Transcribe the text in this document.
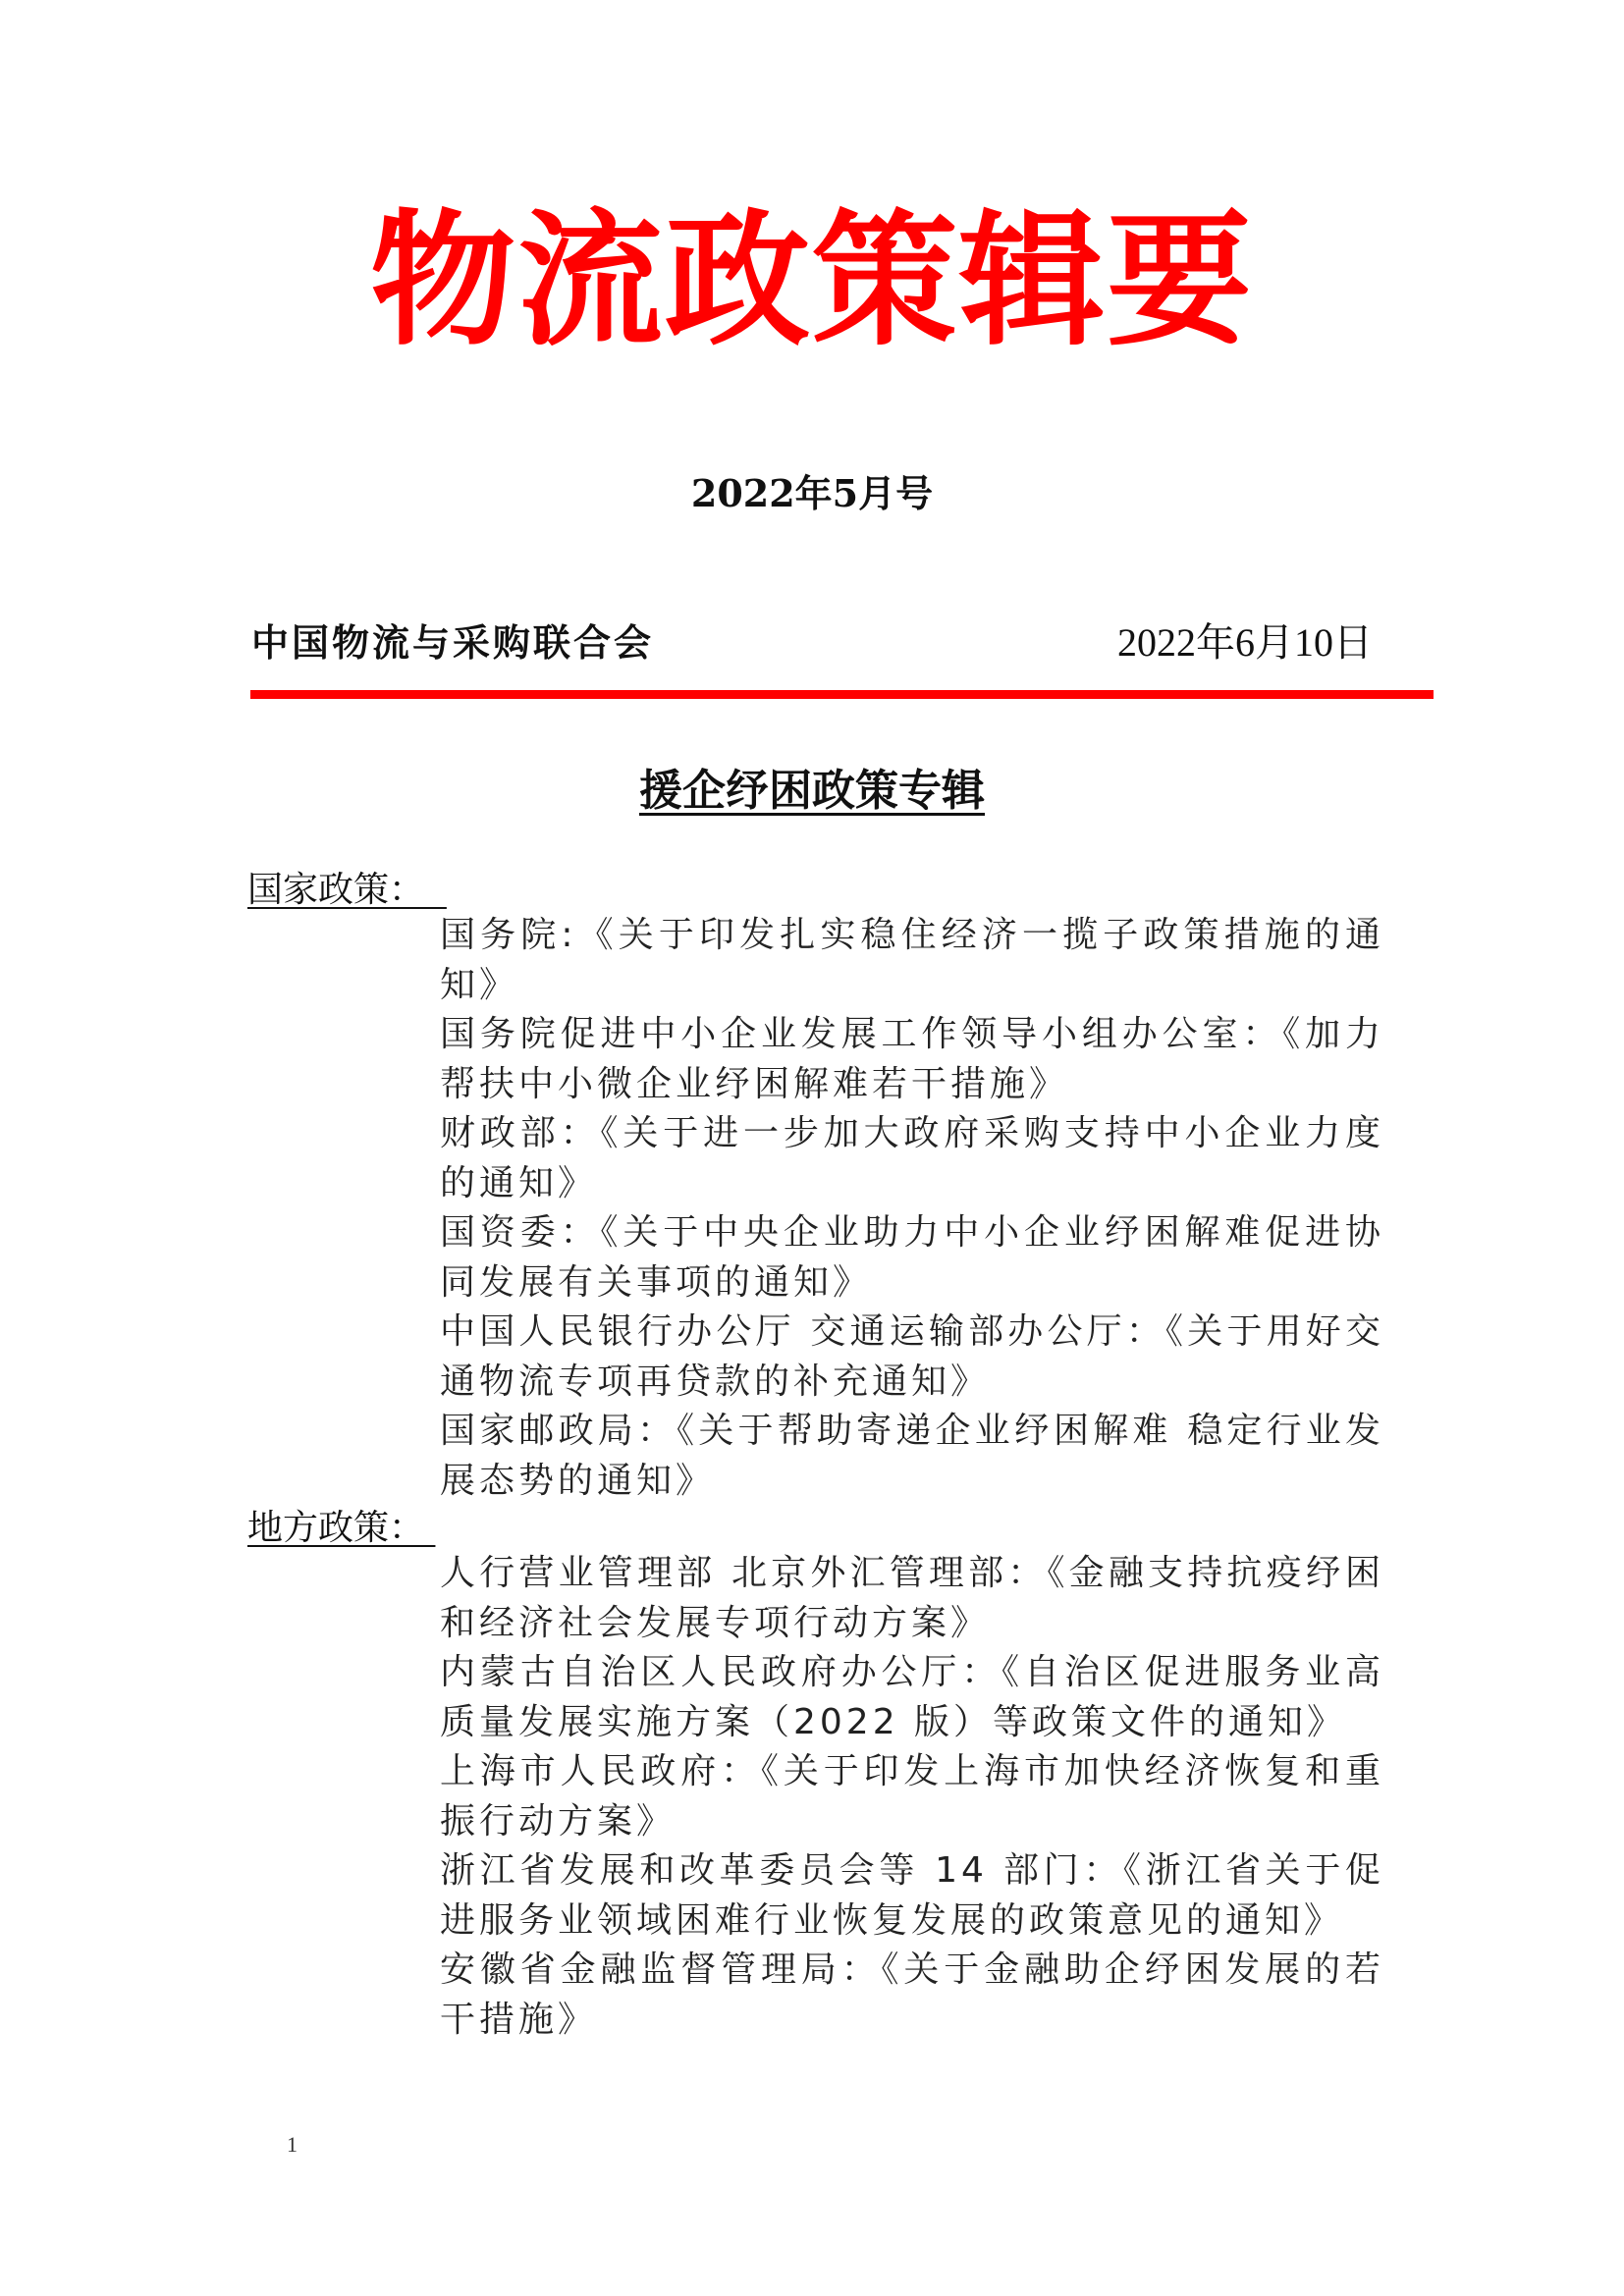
物流政策辑要
2022年5月号
中国物流与采购联合会	2022年6月10日
援企纾困政策专辑
国家政策：
国务院:《关于印发扎实稳住经济一揽子政策措施的通知》
国务院促进中小企业发展工作领导小组办公室：《加力帮扶中小微企业纾困解难若干措施》
财政部：《关于进一步加大政府采购支持中小企业力度的通知》
国资委：《关于中央企业助力中小企业纾困解难促进协同发展有关事项的通知》
中国人民银行办公厅 交通运输部办公厅：《关于用好交通物流专项再贷款的补充通知》
国家邮政局：《关于帮助寄递企业纾困解难 稳定行业发展态势的通知》
地方政策：
人行营业管理部 北京外汇管理部：《金融支持抗疫纾困和经济社会发展专项行动方案》
内蒙古自治区人民政府办公厅：《自治区促进服务业高质量发展实施方案（2022 版）等政策文件的通知》
上海市人民政府：《关于印发上海市加快经济恢复和重振行动方案》
浙江省发展和改革委员会等 14 部门：《浙江省关于促进服务业领域困难行业恢复发展的政策意见的通知》
安徽省金融监督管理局：《关于金融助企纾困发展的若干措施》
1
